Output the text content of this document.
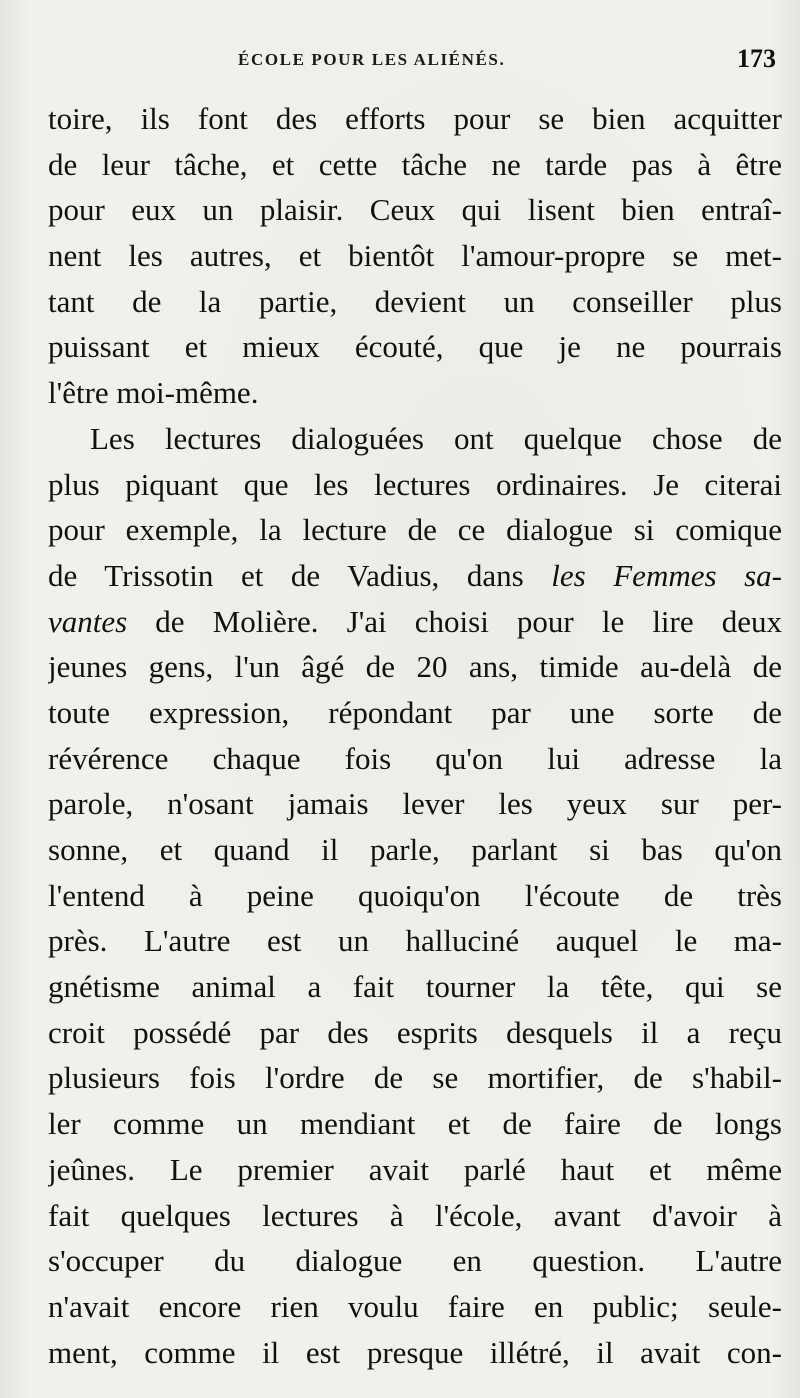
ÉCOLE POUR LES ALIÉNÉS.	173
toire, ils font des efforts pour se bien acquitter
de leur tâche, et cette tâche ne tarde pas à être
pour eux un plaisir. Ceux qui lisent bien entraî-
nent les autres, et bientôt l'amour-propre se met-
tant de la partie, devient un conseiller plus
puissant et mieux écouté, que je ne pourrais
l'être moi-même.
Les lectures dialoguées ont quelque chose de
plus piquant que les lectures ordinaires. Je citerai
pour exemple, la lecture de ce dialogue si comique
de Trissotin et de Vadius, dans les Femmes sa-
vantes de Molière. J'ai choisi pour le lire deux
jeunes gens, l'un âgé de 20 ans, timide au-delà de
toute expression, répondant par une sorte de
révérence chaque fois qu'on lui adresse la
parole, n'osant jamais lever les yeux sur per-
sonne, et quand il parle, parlant si bas qu'on
l'entend à peine quoiqu'on l'écoute de très
près. L'autre est un halluciné auquel le ma-
gnétisme animal a fait tourner la tête, qui se
croit possédé par des esprits desquels il a reçu
plusieurs fois l'ordre de se mortifier, de s'habil-
ler comme un mendiant et de faire de longs
jeûnes. Le premier avait parlé haut et même
fait quelques lectures à l'école, avant d'avoir à
s'occuper du dialogue en question. L'autre
n'avait encore rien voulu faire en public; seule-
ment, comme il est presque illétré, il avait con-
